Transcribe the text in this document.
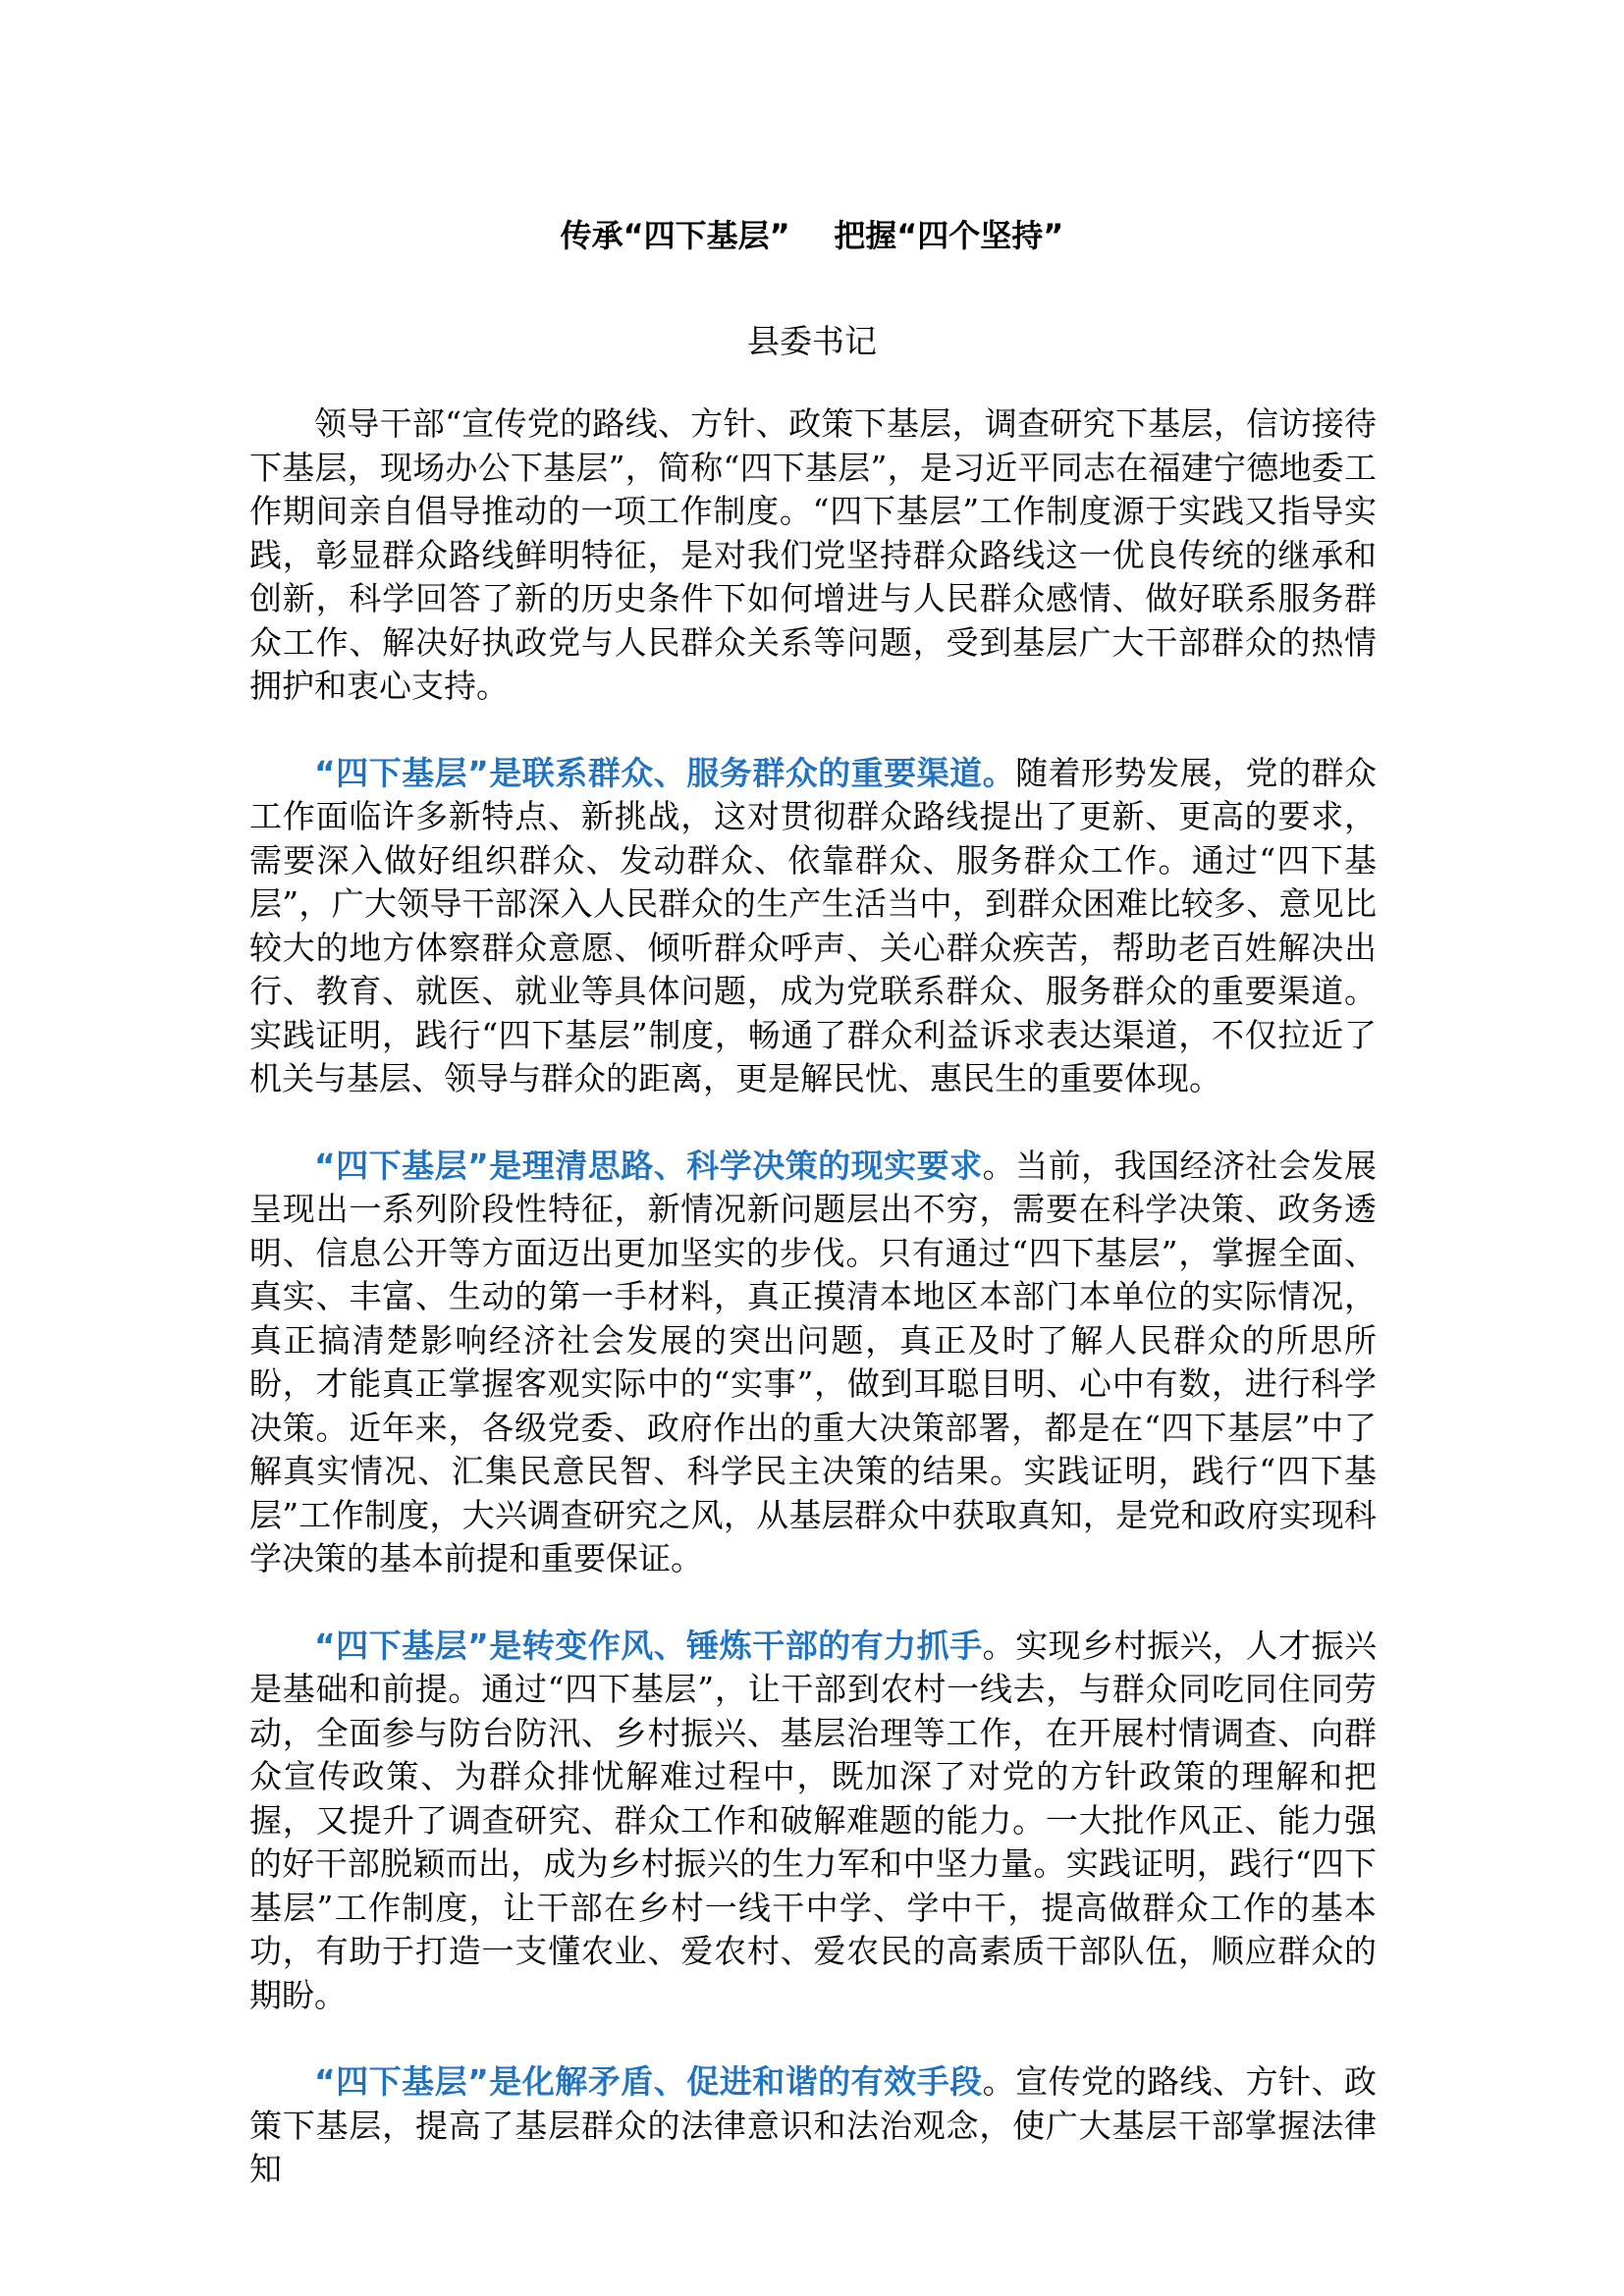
传承“四下基层”    把握“四个坚持”
县委书记

领导干部“宣传党的路线、方针、政策下基层，调查研究下基层，信访接待下基层，现场办公下基层”，简称“四下基层”，是习近平同志在福建宁德地委工作期间亲自倡导推动的一项工作制度。“四下基层”工作制度源于实践又指导实践，彰显群众路线鲜明特征，是对我们党坚持群众路线这一优良传统的继承和创新，科学回答了新的历史条件下如何增进与人民群众感情、做好联系服务群众工作、解决好执政党与人民群众关系等问题，受到基层广大干部群众的热情拥护和衷心支持。

“四下基层”是联系群众、服务群众的重要渠道。随着形势发展，党的群众工作面临许多新特点、新挑战，这对贯彻群众路线提出了更新、更高的要求，需要深入做好组织群众、发动群众、依靠群众、服务群众工作。通过“四下基层”，广大领导干部深入人民群众的生产生活当中，到群众困难比较多、意见比较大的地方体察群众意愿、倾听群众呼声、关心群众疾苦，帮助老百姓解决出行、教育、就医、就业等具体问题，成为党联系群众、服务群众的重要渠道。实践证明，践行“四下基层”制度，畅通了群众利益诉求表达渠道，不仅拉近了机关与基层、领导与群众的距离，更是解民忧、惠民生的重要体现。

“四下基层”是理清思路、科学决策的现实要求。当前，我国经济社会发展呈现出一系列阶段性特征，新情况新问题层出不穷，需要在科学决策、政务透明、信息公开等方面迈出更加坚实的步伐。只有通过“四下基层”，掌握全面、真实、丰富、生动的第一手材料，真正摸清本地区本部门本单位的实际情况，真正搞清楚影响经济社会发展的突出问题，真正及时了解人民群众的所思所盼，才能真正掌握客观实际中的“实事”，做到耳聪目明、心中有数，进行科学决策。近年来，各级党委、政府作出的重大决策部署，都是在“四下基层”中了解真实情况、汇集民意民智、科学民主决策的结果。实践证明，践行“四下基层”工作制度，大兴调查研究之风，从基层群众中获取真知，是党和政府实现科学决策的基本前提和重要保证。

“四下基层”是转变作风、锤炼干部的有力抓手。实现乡村振兴，人才振兴是基础和前提。通过“四下基层”，让干部到农村一线去，与群众同吃同住同劳动，全面参与防台防汛、乡村振兴、基层治理等工作，在开展村情调查、向群众宣传政策、为群众排忧解难过程中，既加深了对党的方针政策的理解和把握，又提升了调查研究、群众工作和破解难题的能力。一大批作风正、能力强的好干部脱颖而出，成为乡村振兴的生力军和中坚力量。实践证明，践行“四下基层”工作制度，让干部在乡村一线干中学、学中干，提高做群众工作的基本功，有助于打造一支懂农业、爱农村、爱农民的高素质干部队伍，顺应群众的期盼。

“四下基层”是化解矛盾、促进和谐的有效手段。宣传党的路线、方针、政策下基层，提高了基层群众的法律意识和法治观念，使广大基层干部掌握法律知
